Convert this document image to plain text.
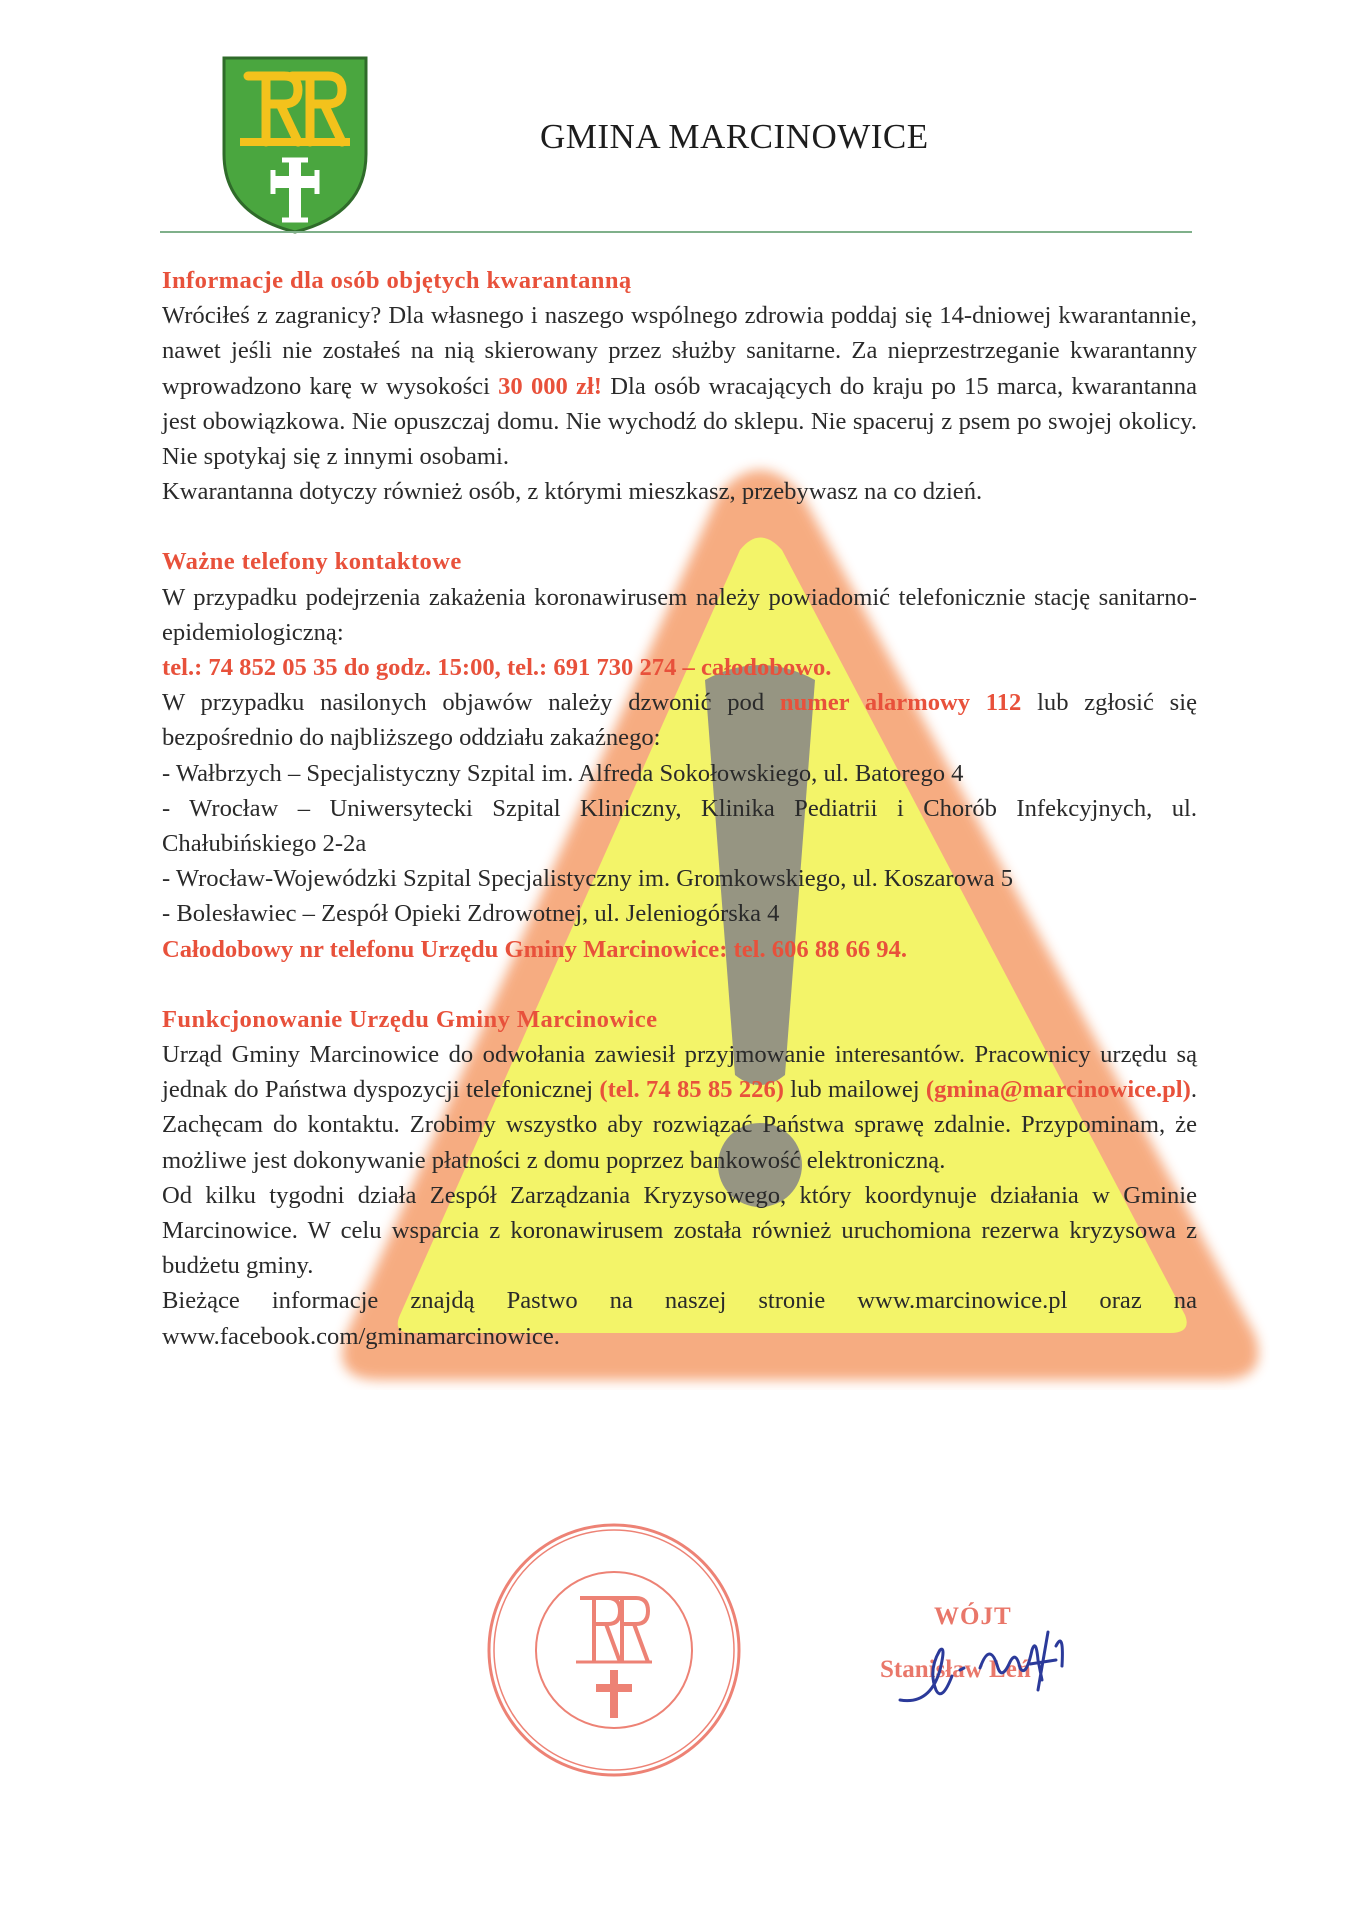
GMINA MARCINOWICE
Informacje dla osób objętych kwarantanną

Wróciłeś z zagranicy? Dla własnego i naszego wspólnego zdrowia poddaj się 14-dniowej kwarantannie, nawet jeśli nie zostałeś na nią skierowany przez służby sanitarne. Za nieprzestrzeganie kwarantanny wprowadzono karę w wysokości 30 000 zł! Dla osób wracających do kraju po 15 marca, kwarantanna jest obowiązkowa. Nie opuszczaj domu. Nie wychodź do sklepu. Nie spaceruj z psem po swojej okolicy. Nie spotykaj się z innymi osobami.

Kwarantanna dotyczy również osób, z którymi mieszkasz, przebywasz na co dzień.

Ważne telefony kontaktowe

W przypadku podejrzenia zakażenia koronawirusem należy powiadomić telefonicznie stację sanitarno-epidemiologiczną:

tel.: 74 852 05 35 do godz. 15:00, tel.: 691 730 274 – całodobowo.

W przypadku nasilonych objawów należy dzwonić pod numer alarmowy 112 lub zgłosić się bezpośrednio do najbliższego oddziału zakaźnego:

- Wałbrzych – Specjalistyczny Szpital im. Alfreda Sokołowskiego, ul. Batorego 4

- Wrocław – Uniwersytecki Szpital Kliniczny, Klinika Pediatrii i Chorób Infekcyjnych, ul. Chałubińskiego 2-2a

- Wrocław-Wojewódzki Szpital Specjalistyczny im. Gromkowskiego, ul. Koszarowa 5

- Bolesławiec – Zespół Opieki Zdrowotnej, ul. Jeleniogórska 4

Całodobowy nr telefonu Urzędu Gminy Marcinowice: tel. 606 88 66 94.

Funkcjonowanie Urzędu Gminy Marcinowice

Urząd Gminy Marcinowice do odwołania zawiesił przyjmowanie interesantów. Pracownicy urzędu są jednak do Państwa dyspozycji telefonicznej (tel. 74 85 85 226) lub mailowej (gmina@marcinowice.pl). Zachęcam do kontaktu. Zrobimy wszystko aby rozwiązać Państwa sprawę zdalnie. Przypominam, że możliwe jest dokonywanie płatności z domu poprzez bankowość elektroniczną.

Od kilku tygodni działa Zespół Zarządzania Kryzysowego, który koordynuje działania w Gminie Marcinowice. W celu wsparcia z koronawirusem została również uruchomiona rezerwa kryzysowa z budżetu gminy.

Bieżące informacje znajdą Pastwo na naszej stronie www.marcinowice.pl oraz na www.facebook.com/gminamarcinowice.

WÓJT
Stanisław Leń
